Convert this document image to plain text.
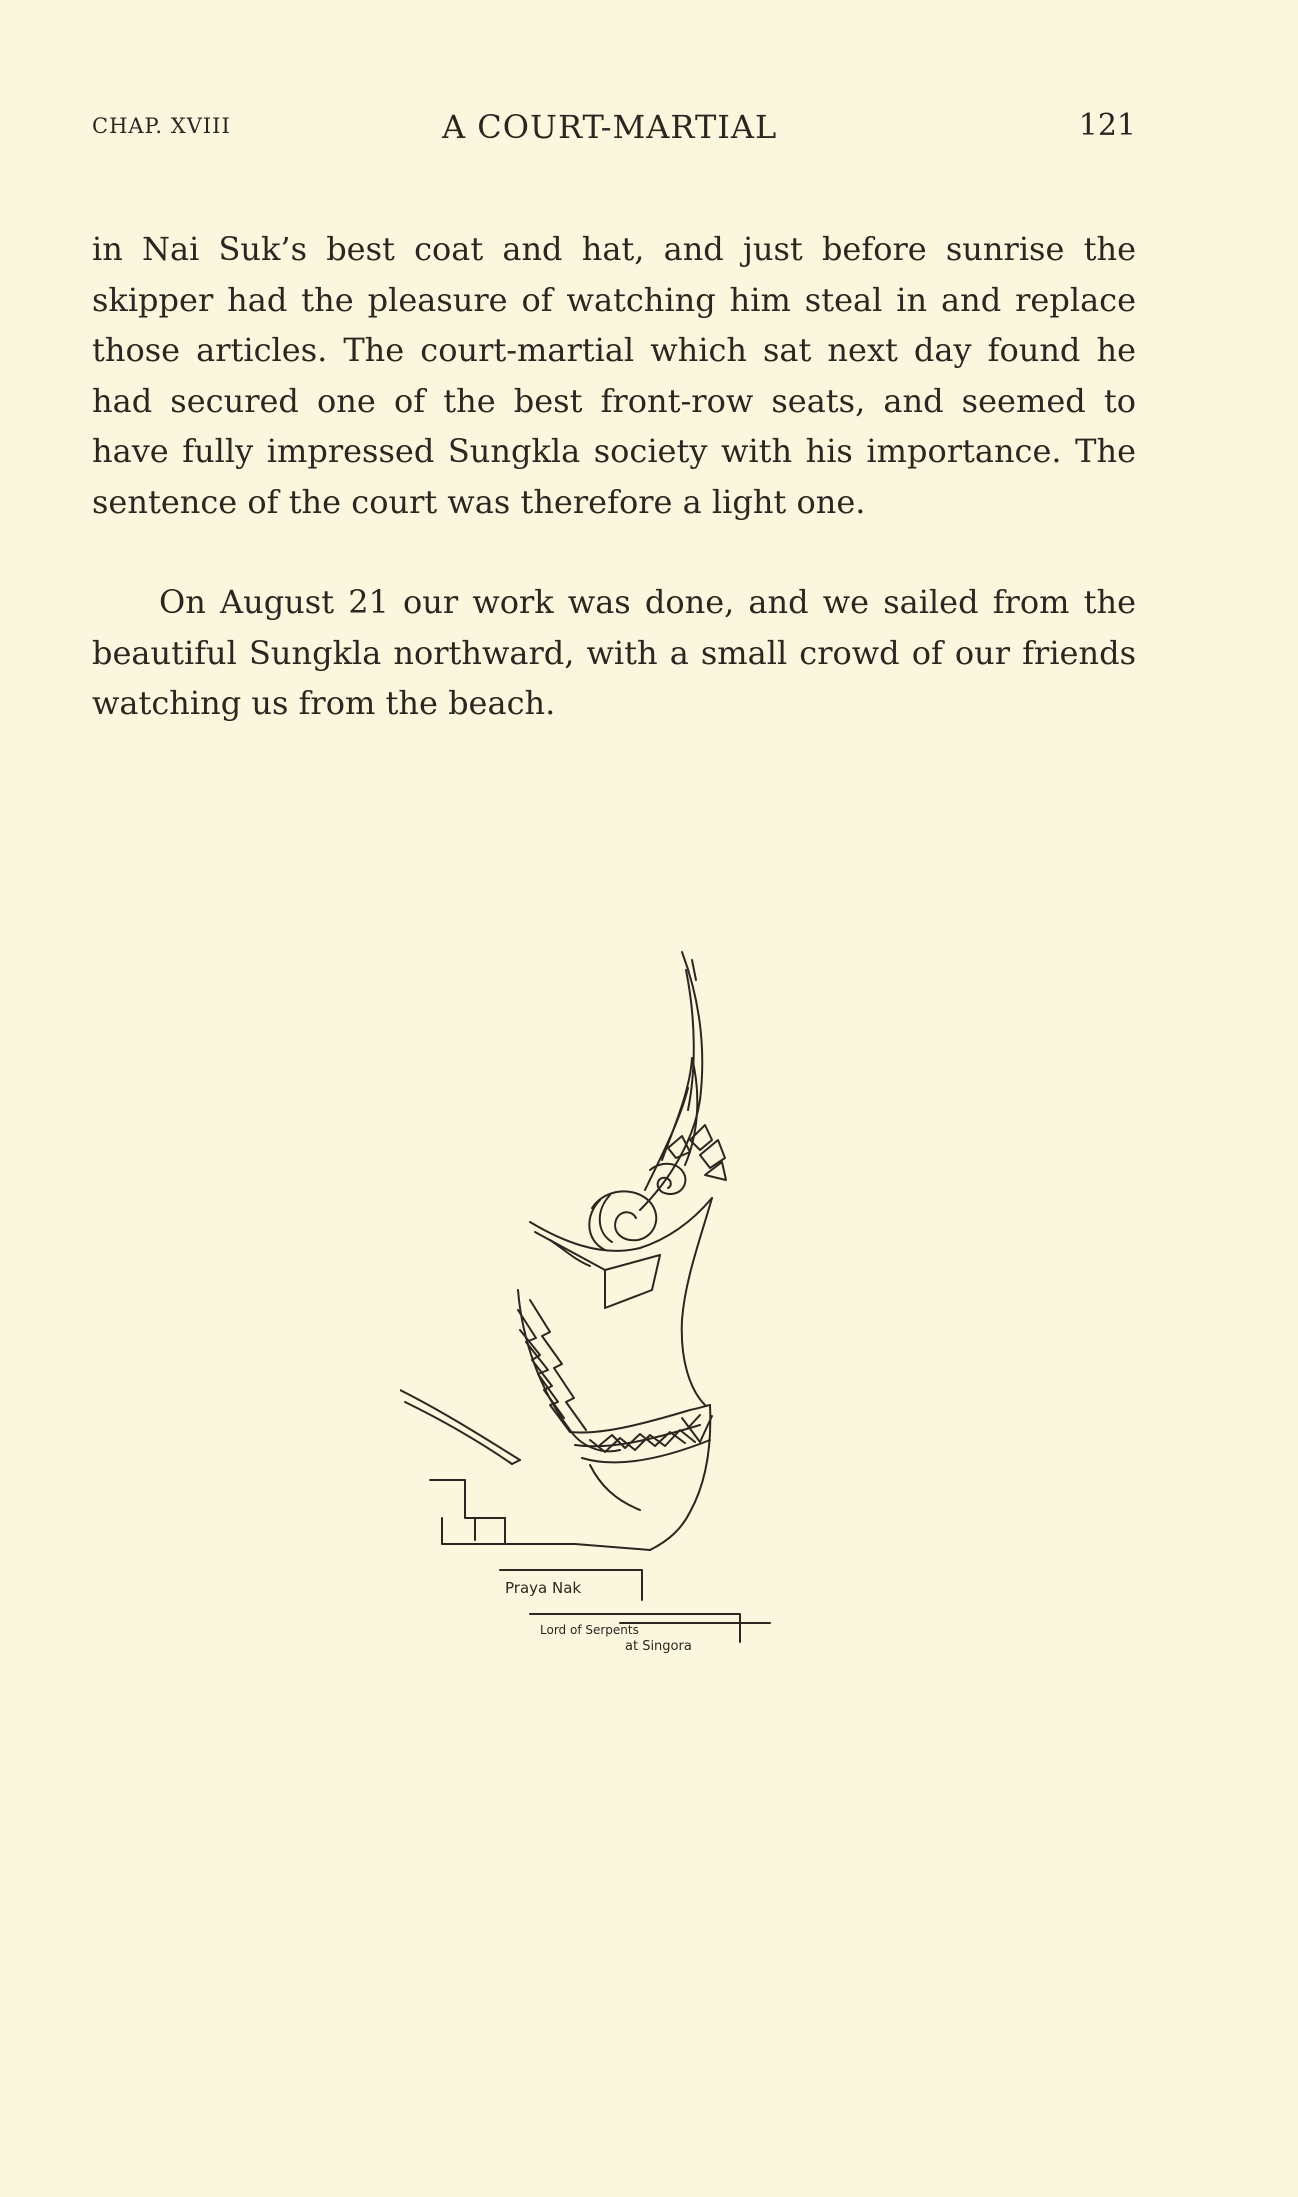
CHAP. XVIII	A COURT-MARTIAL	121

in Nai Suk’s best coat and hat, and just before sunrise the skipper had the pleasure of watching him steal in and replace those articles. The court-martial which sat next day found he had secured one of the best front-row seats, and seemed to have fully impressed Sungkla society with his importance. The sentence of the court was therefore a light one.

On August 21 our work was done, and we sailed from the beautiful Sungkla northward, with a small crowd of our friends watching us from the beach.

Praya Nak
Lord of Serpents
at Singora
